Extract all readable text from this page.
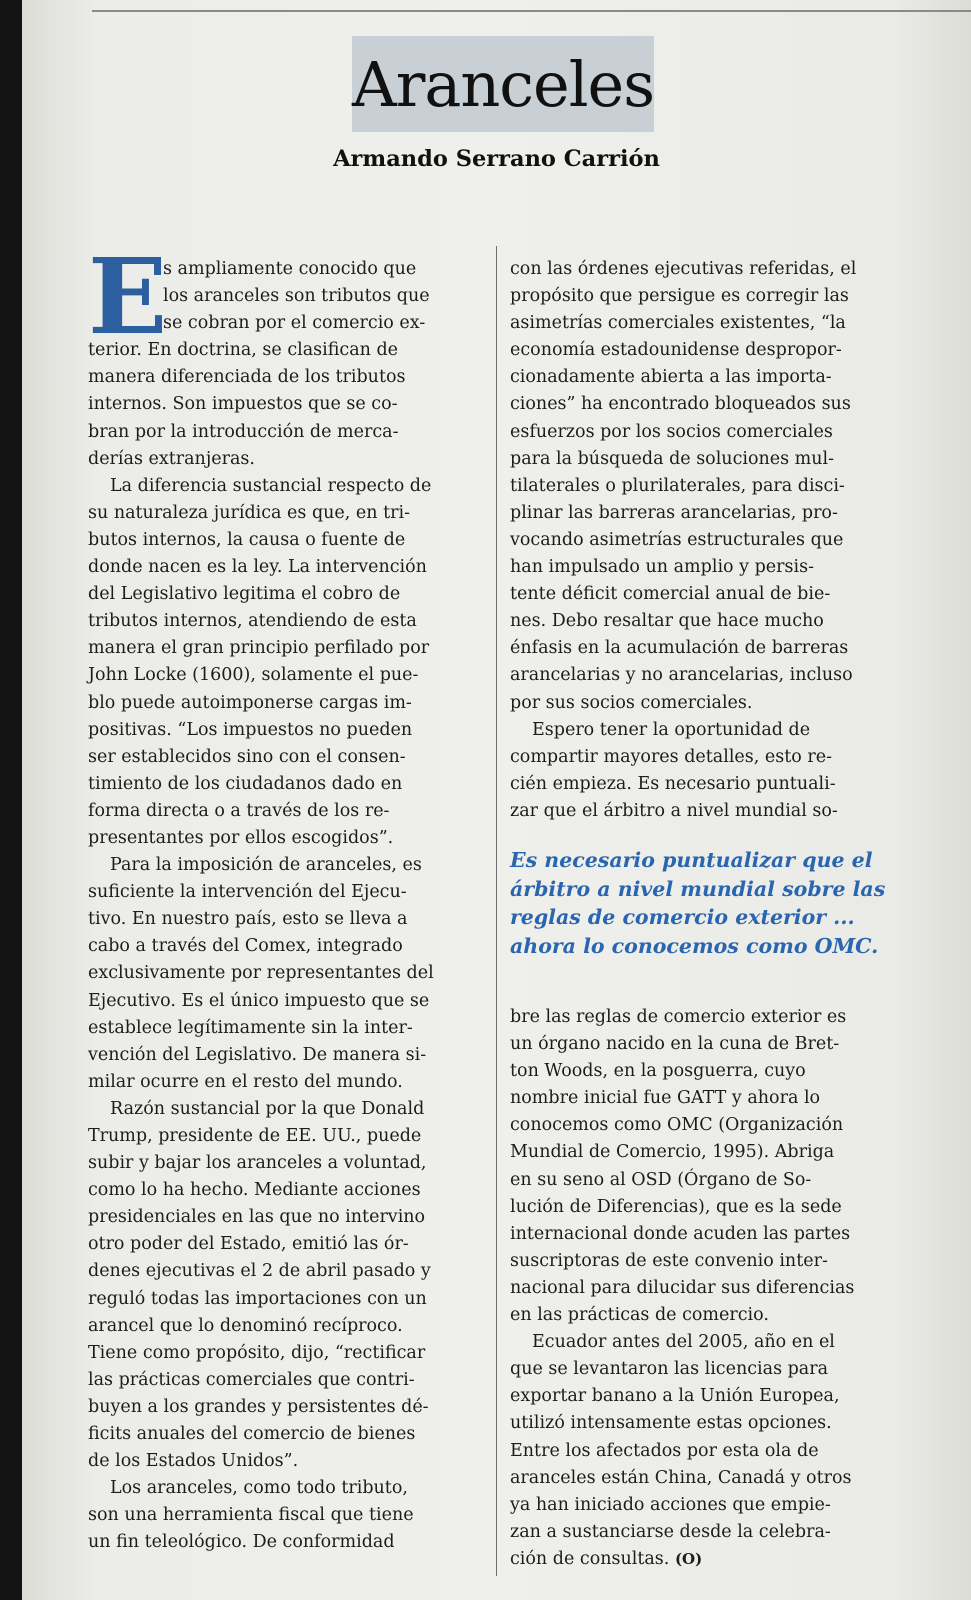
Aranceles

Armando Serrano Carrión

E
s ampliamente conocido que
los aranceles son tributos que
se cobran por el comercio ex-
terior. En doctrina, se clasifican de
manera diferenciada de los tributos
internos. Son impuestos que se co-
bran por la introducción de merca-
derías extranjeras.
La diferencia sustancial respecto de
su naturaleza jurídica es que, en tri-
butos internos, la causa o fuente de
donde nacen es la ley. La intervención
del Legislativo legitima el cobro de
tributos internos, atendiendo de esta
manera el gran principio perfilado por
John Locke (1600), solamente el pue-
blo puede autoimponerse cargas im-
positivas. “Los impuestos no pueden
ser establecidos sino con el consen-
timiento de los ciudadanos dado en
forma directa o a través de los re-
presentantes por ellos escogidos”.
Para la imposición de aranceles, es
suficiente la intervención del Ejecu-
tivo. En nuestro país, esto se lleva a
cabo a través del Comex, integrado
exclusivamente por representantes del
Ejecutivo. Es el único impuesto que se
establece legítimamente sin la inter-
vención del Legislativo. De manera si-
milar ocurre en el resto del mundo.
Razón sustancial por la que Donald
Trump, presidente de EE. UU., puede
subir y bajar los aranceles a voluntad,
como lo ha hecho. Mediante acciones
presidenciales en las que no intervino
otro poder del Estado, emitió las ór-
denes ejecutivas el 2 de abril pasado y
reguló todas las importaciones con un
arancel que lo denominó recíproco.
Tiene como propósito, dijo, “rectificar
las prácticas comerciales que contri-
buyen a los grandes y persistentes dé-
ficits anuales del comercio de bienes
de los Estados Unidos”.
Los aranceles, como todo tributo,
son una herramienta fiscal que tiene
un fin teleológico. De conformidad
con las órdenes ejecutivas referidas, el
propósito que persigue es corregir las
asimetrías comerciales existentes, “la
economía estadounidense despropor-
cionadamente abierta a las importa-
ciones” ha encontrado bloqueados sus
esfuerzos por los socios comerciales
para la búsqueda de soluciones mul-
tilaterales o plurilaterales, para disci-
plinar las barreras arancelarias, pro-
vocando asimetrías estructurales que
han impulsado un amplio y persis-
tente déficit comercial anual de bie-
nes. Debo resaltar que hace mucho
énfasis en la acumulación de barreras
arancelarias y no arancelarias, incluso
por sus socios comerciales.
Espero tener la oportunidad de
compartir mayores detalles, esto re-
cién empieza. Es necesario puntuali-
zar que el árbitro a nivel mundial so-
Es necesario puntualizar que el
árbitro a nivel mundial sobre las
reglas de comercio exterior ...
ahora lo conocemos como OMC.
bre las reglas de comercio exterior es
un órgano nacido en la cuna de Bret-
ton Woods, en la posguerra, cuyo
nombre inicial fue GATT y ahora lo
conocemos como OMC (Organización
Mundial de Comercio, 1995). Abriga
en su seno al OSD (Órgano de So-
lución de Diferencias), que es la sede
internacional donde acuden las partes
suscriptoras de este convenio inter-
nacional para dilucidar sus diferencias
en las prácticas de comercio.
Ecuador antes del 2005, año en el
que se levantaron las licencias para
exportar banano a la Unión Europea,
utilizó intensamente estas opciones.
Entre los afectados por esta ola de
aranceles están China, Canadá y otros
ya han iniciado acciones que empie-
zan a sustanciarse desde la celebra-
ción de consultas. (O)
